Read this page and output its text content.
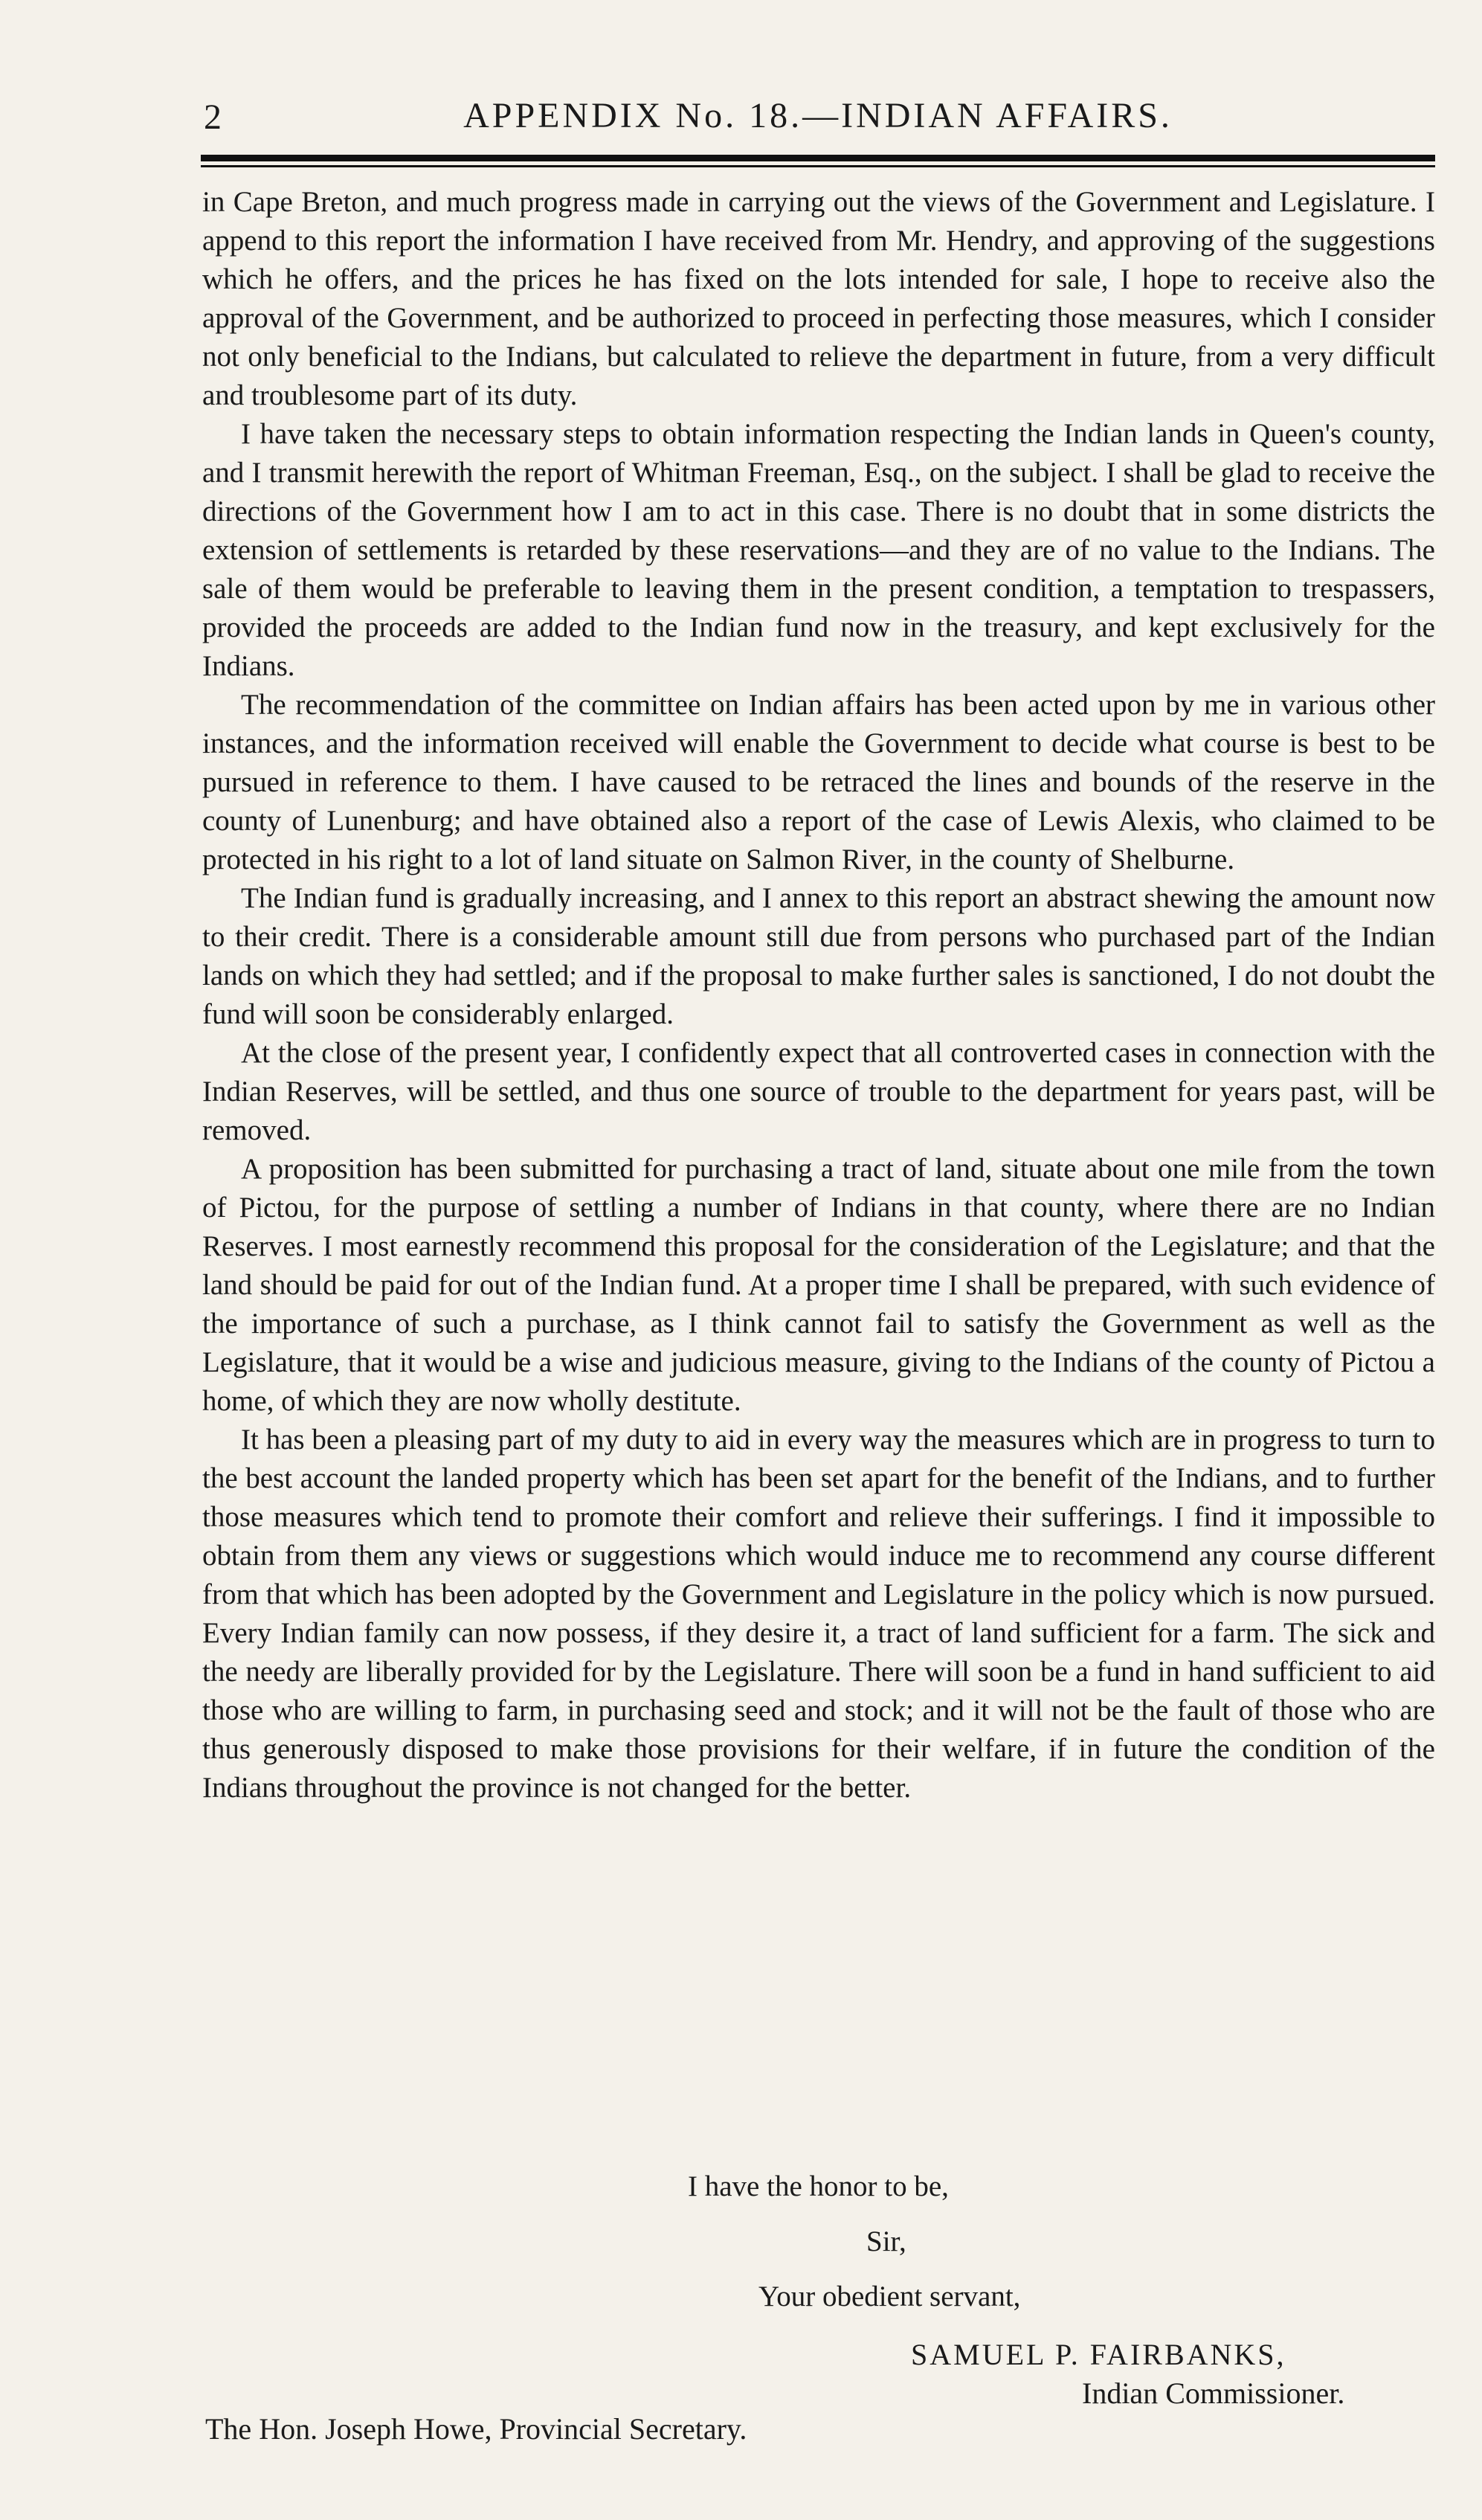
2	APPENDIX No. 18.—INDIAN AFFAIRS.

in Cape Breton, and much progress made in carrying out the views of the Government and Legislature. I append to this report the information I have received from Mr. Hendry, and approving of the suggestions which he offers, and the prices he has fixed on the lots intended for sale, I hope to receive also the approval of the Government, and be authorized to proceed in perfecting those measures, which I consider not only beneficial to the Indians, but calculated to relieve the department in future, from a very difficult and troublesome part of its duty.

I have taken the necessary steps to obtain information respecting the Indian lands in Queen's county, and I transmit herewith the report of Whitman Freeman, Esq., on the subject. I shall be glad to receive the directions of the Government how I am to act in this case. There is no doubt that in some districts the extension of settlements is retarded by these reservations—and they are of no value to the Indians. The sale of them would be preferable to leaving them in the present condition, a temptation to trespassers, provided the proceeds are added to the Indian fund now in the treasury, and kept exclusively for the Indians.

The recommendation of the committee on Indian affairs has been acted upon by me in various other instances, and the information received will enable the Government to decide what course is best to be pursued in reference to them. I have caused to be retraced the lines and bounds of the reserve in the county of Lunenburg; and have obtained also a report of the case of Lewis Alexis, who claimed to be protected in his right to a lot of land situate on Salmon River, in the county of Shelburne.

The Indian fund is gradually increasing, and I annex to this report an abstract shewing the amount now to their credit. There is a considerable amount still due from persons who purchased part of the Indian lands on which they had settled; and if the proposal to make further sales is sanctioned, I do not doubt the fund will soon be considerably enlarged.

At the close of the present year, I confidently expect that all controverted cases in connection with the Indian Reserves, will be settled, and thus one source of trouble to the department for years past, will be removed.

A proposition has been submitted for purchasing a tract of land, situate about one mile from the town of Pictou, for the purpose of settling a number of Indians in that county, where there are no Indian Reserves. I most earnestly recommend this proposal for the consideration of the Legislature; and that the land should be paid for out of the Indian fund. At a proper time I shall be prepared, with such evidence of the importance of such a purchase, as I think cannot fail to satisfy the Government as well as the Legislature, that it would be a wise and judicious measure, giving to the Indians of the county of Pictou a home, of which they are now wholly destitute.

It has been a pleasing part of my duty to aid in every way the measures which are in progress to turn to the best account the landed property which has been set apart for the benefit of the Indians, and to further those measures which tend to promote their comfort and relieve their sufferings. I find it impossible to obtain from them any views or suggestions which would induce me to recommend any course different from that which has been adopted by the Government and Legislature in the policy which is now pursued. Every Indian family can now possess, if they desire it, a tract of land sufficient for a farm. The sick and the needy are liberally provided for by the Legislature. There will soon be a fund in hand sufficient to aid those who are willing to farm, in purchasing seed and stock; and it will not be the fault of those who are thus generously disposed to make those provisions for their welfare, if in future the condition of the Indians throughout the province is not changed for the better.

I have the honor to be,
Sir,
Your obedient servant,
SAMUEL P. FAIRBANKS,
Indian Commissioner.
The Hon. Joseph Howe, Provincial Secretary.
